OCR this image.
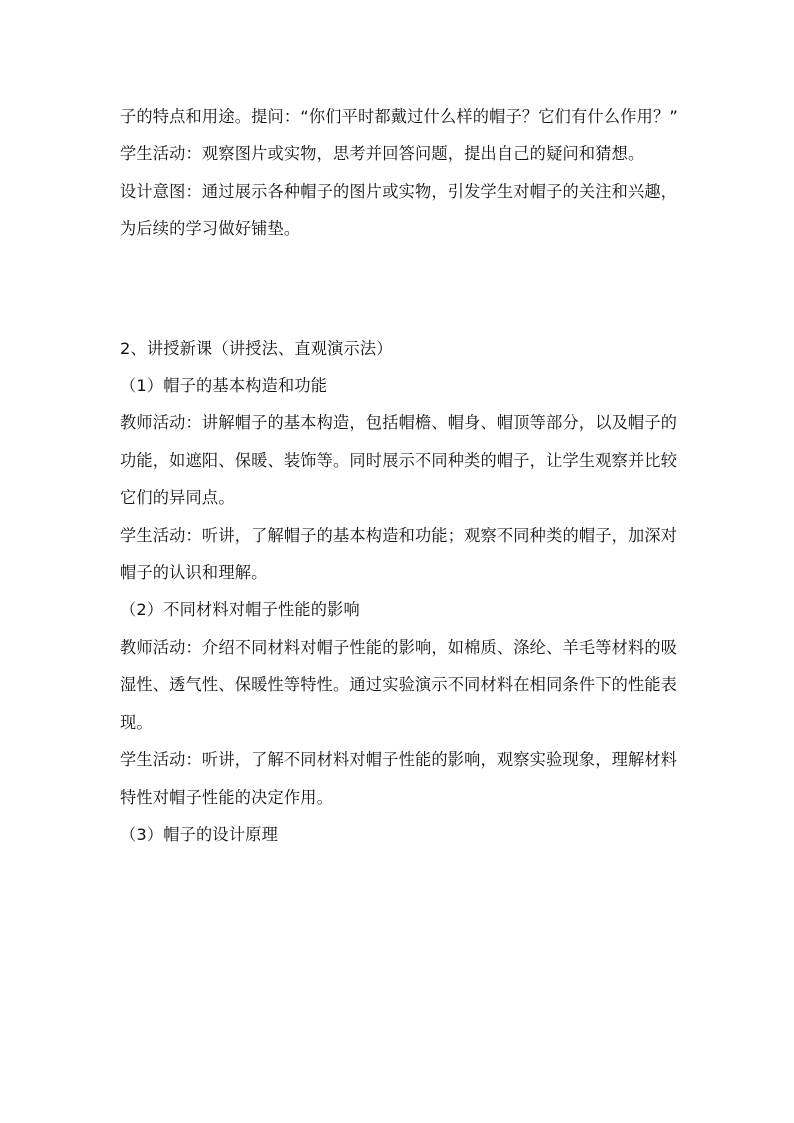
子的特点和用途。提问：“你们平时都戴过什么样的帽子？它们有什么作用？”

学生活动：观察图片或实物，思考并回答问题，提出自己的疑问和猜想。

设计意图：通过展示各种帽子的图片或实物，引发学生对帽子的关注和兴趣，为后续的学习做好铺垫。

2、讲授新课（讲授法、直观演示法）

（1）帽子的基本构造和功能

教师活动：讲解帽子的基本构造，包括帽檐、帽身、帽顶等部分，以及帽子的功能，如遮阳、保暖、装饰等。同时展示不同种类的帽子，让学生观察并比较它们的异同点。

学生活动：听讲，了解帽子的基本构造和功能；观察不同种类的帽子，加深对帽子的认识和理解。

（2）不同材料对帽子性能的影响

教师活动：介绍不同材料对帽子性能的影响，如棉质、涤纶、羊毛等材料的吸湿性、透气性、保暖性等特性。通过实验演示不同材料在相同条件下的性能表现。

学生活动：听讲，了解不同材料对帽子性能的影响，观察实验现象，理解材料特性对帽子性能的决定作用。

（3）帽子的设计原理
